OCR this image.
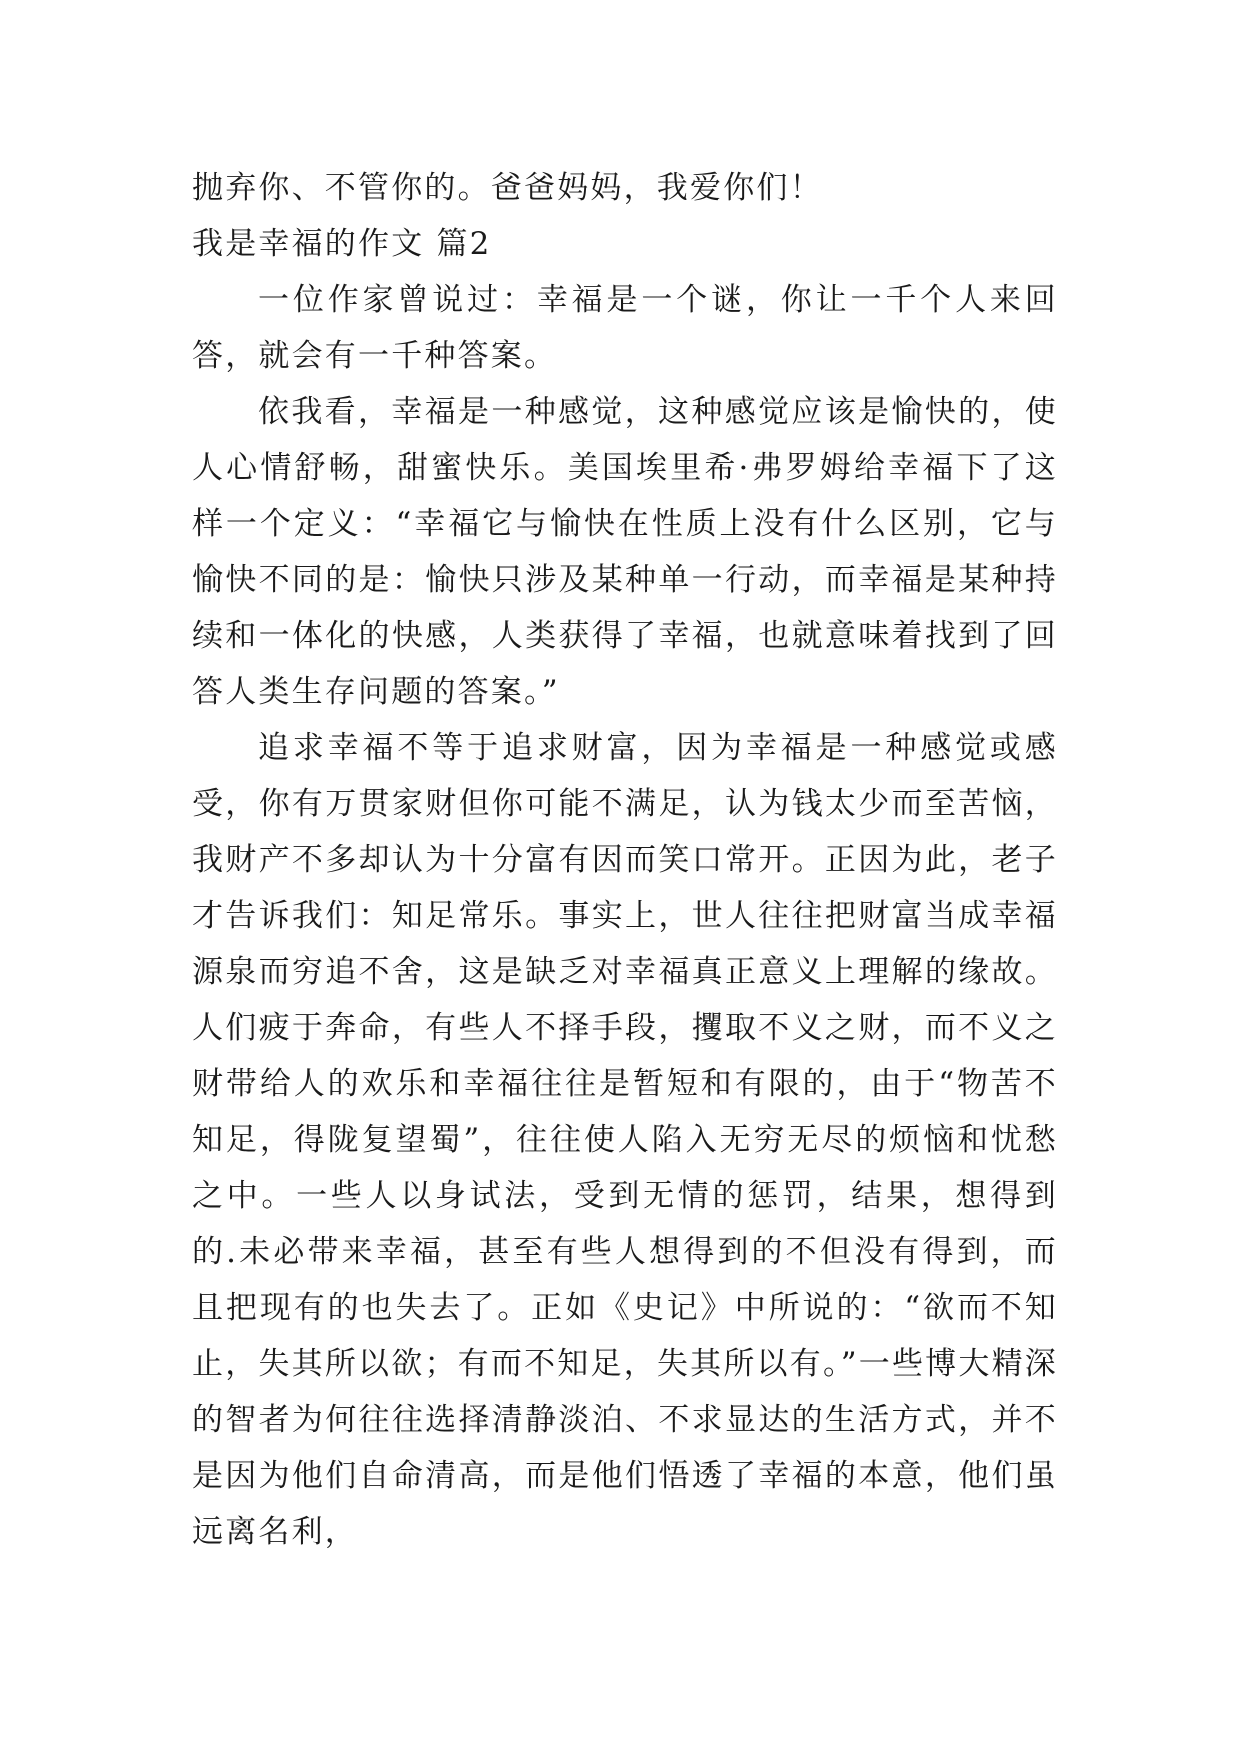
抛弃你、不管你的。爸爸妈妈，我爱你们！
我是幸福的作文 篇2

一位作家曾说过：幸福是一个谜，你让一千个人来回答，就会有一千种答案。

依我看，幸福是一种感觉，这种感觉应该是愉快的，使人心情舒畅，甜蜜快乐。美国埃里希·弗罗姆给幸福下了这样一个定义：“幸福它与愉快在性质上没有什么区别，它与愉快不同的是：愉快只涉及某种单一行动，而幸福是某种持续和一体化的快感，人类获得了幸福，也就意味着找到了回答人类生存问题的答案。”

追求幸福不等于追求财富，因为幸福是一种感觉或感受，你有万贯家财但你可能不满足，认为钱太少而至苦恼，我财产不多却认为十分富有因而笑口常开。正因为此，老子才告诉我们：知足常乐。事实上，世人往往把财富当成幸福源泉而穷追不舍，这是缺乏对幸福真正意义上理解的缘故。人们疲于奔命，有些人不择手段，攫取不义之财，而不义之财带给人的欢乐和幸福往往是暂短和有限的，由于“物苦不知足，得陇复望蜀”，往往使人陷入无穷无尽的烦恼和忧愁之中。一些人以身试法，受到无情的惩罚，结果，想得到的.未必带来幸福，甚至有些人想得到的不但没有得到，而且把现有的也失去了。正如《史记》中所说的：“欲而不知止，失其所以欲；有而不知足，失其所以有。”一些博大精深的智者为何往往选择清静淡泊、不求显达的生活方式，并不是因为他们自命清高，而是他们悟透了幸福的本意，他们虽远离名利，
